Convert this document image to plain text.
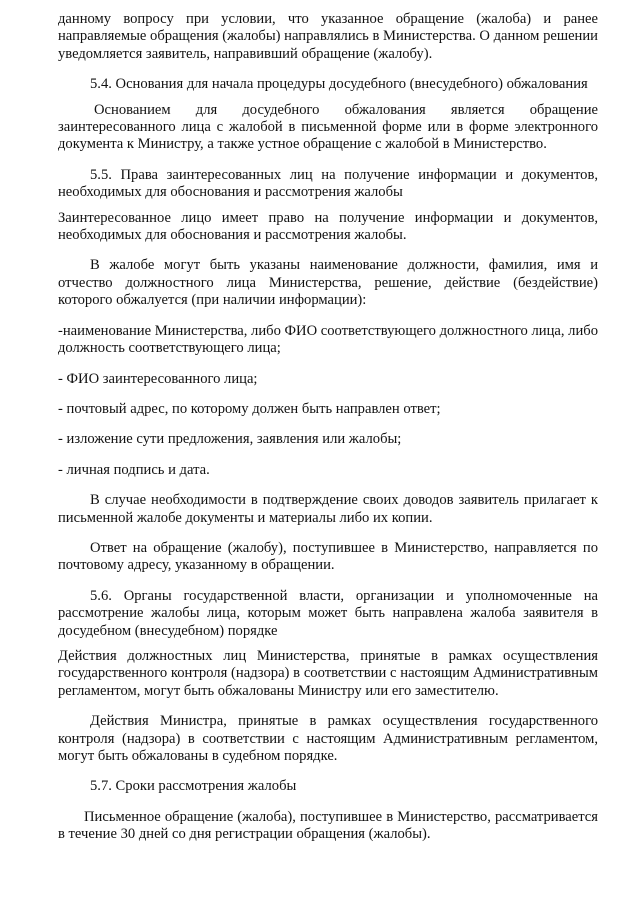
данному вопросу при условии, что указанное обращение (жалоба) и ранее направляемые обращения (жалобы) направлялись в Министерства. О данном решении уведомляется заявитель, направивший обращение (жалобу).

5.4. Основания для начала процедуры досудебного (внесудебного) обжалования

Основанием для досудебного обжалования является обращение заинтересованного лица с жалобой в письменной форме или в форме электронного документа к Министру, а также устное обращение с жалобой в Министерство.

5.5. Права заинтересованных лиц на получение информации и документов, необходимых для обоснования и рассмотрения жалобы

Заинтересованное лицо имеет право на получение информации и документов, необходимых для обоснования и рассмотрения жалобы.

В жалобе могут быть указаны наименование должности, фамилия, имя и отчество должностного лица Министерства, решение, действие (бездействие) которого обжалуется (при наличии информации):

-наименование Министерства, либо ФИО соответствующего должностного лица, либо должность соответствующего лица;

- ФИО заинтересованного лица;

- почтовый адрес, по которому должен быть направлен ответ;

- изложение сути предложения, заявления или жалобы;

- личная подпись и дата.

В случае необходимости в подтверждение своих доводов заявитель прилагает к письменной жалобе документы и материалы либо их копии.

Ответ на обращение (жалобу), поступившее в Министерство, направляется по почтовому адресу, указанному в обращении.

5.6. Органы государственной власти, организации и уполномоченные на рассмотрение жалобы лица, которым может быть направлена жалоба заявителя в досудебном (внесудебном) порядке

Действия должностных лиц Министерства, принятые в рамках осуществления государственного контроля (надзора) в соответствии с настоящим Административным регламентом, могут быть обжалованы Министру или его заместителю.

Действия Министра, принятые в рамках осуществления государственного контроля (надзора) в соответствии с настоящим Административным регламентом, могут быть обжалованы в судебном порядке.

5.7. Сроки рассмотрения жалобы

Письменное обращение (жалоба), поступившее в Министерство, рассматривается в течение 30 дней со дня регистрации обращения (жалобы).
